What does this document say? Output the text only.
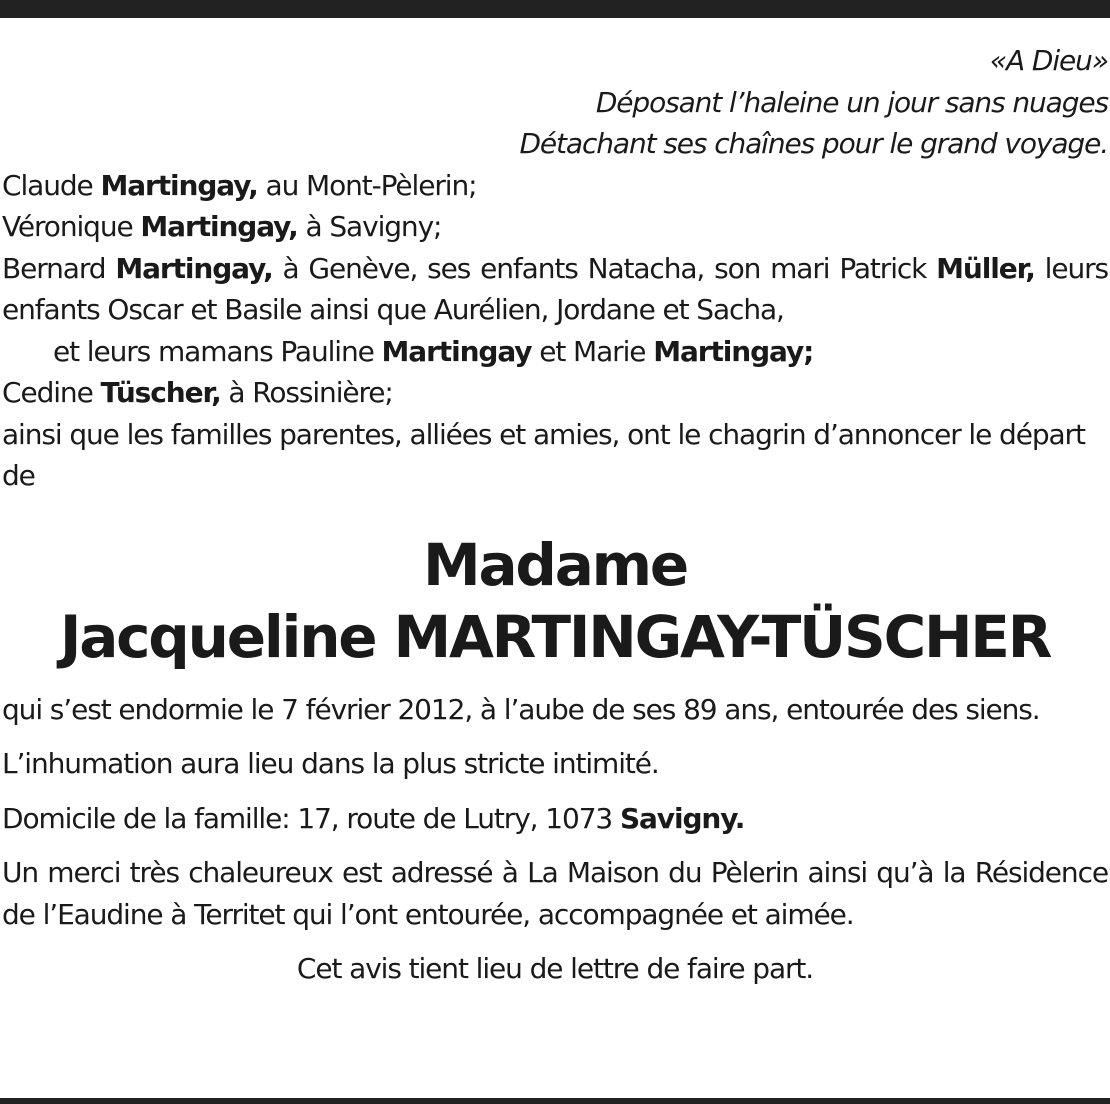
«A Dieu»
Déposant l’haleine un jour sans nuages
Détachant ses chaînes pour le grand voyage.

Claude Martingay, au Mont-Pèlerin;

Véronique Martingay, à Savigny;

Bernard Martingay, à Genève, ses enfants Natacha, son mari Patrick Müller, leurs enfants Oscar et Basile ainsi que Aurélien, Jordane et Sacha,

et leurs mamans Pauline Martingay et Marie Martingay;

Cedine Tüscher, à Rossinière;

ainsi que les familles parentes, alliées et amies, ont le chagrin d’annoncer le départ de

Madame
Jacqueline MARTINGAY-TÜSCHER

qui s’est endormie le 7 février 2012, à l’aube de ses 89 ans, entourée des siens.

L’inhumation aura lieu dans la plus stricte intimité.

Domicile de la famille: 17, route de Lutry, 1073 Savigny.

Un merci très chaleureux est adressé à La Maison du Pèlerin ainsi qu’à la Résidence de l’Eaudine à Territet qui l’ont entourée, accompagnée et aimée.

Cet avis tient lieu de lettre de faire part.
